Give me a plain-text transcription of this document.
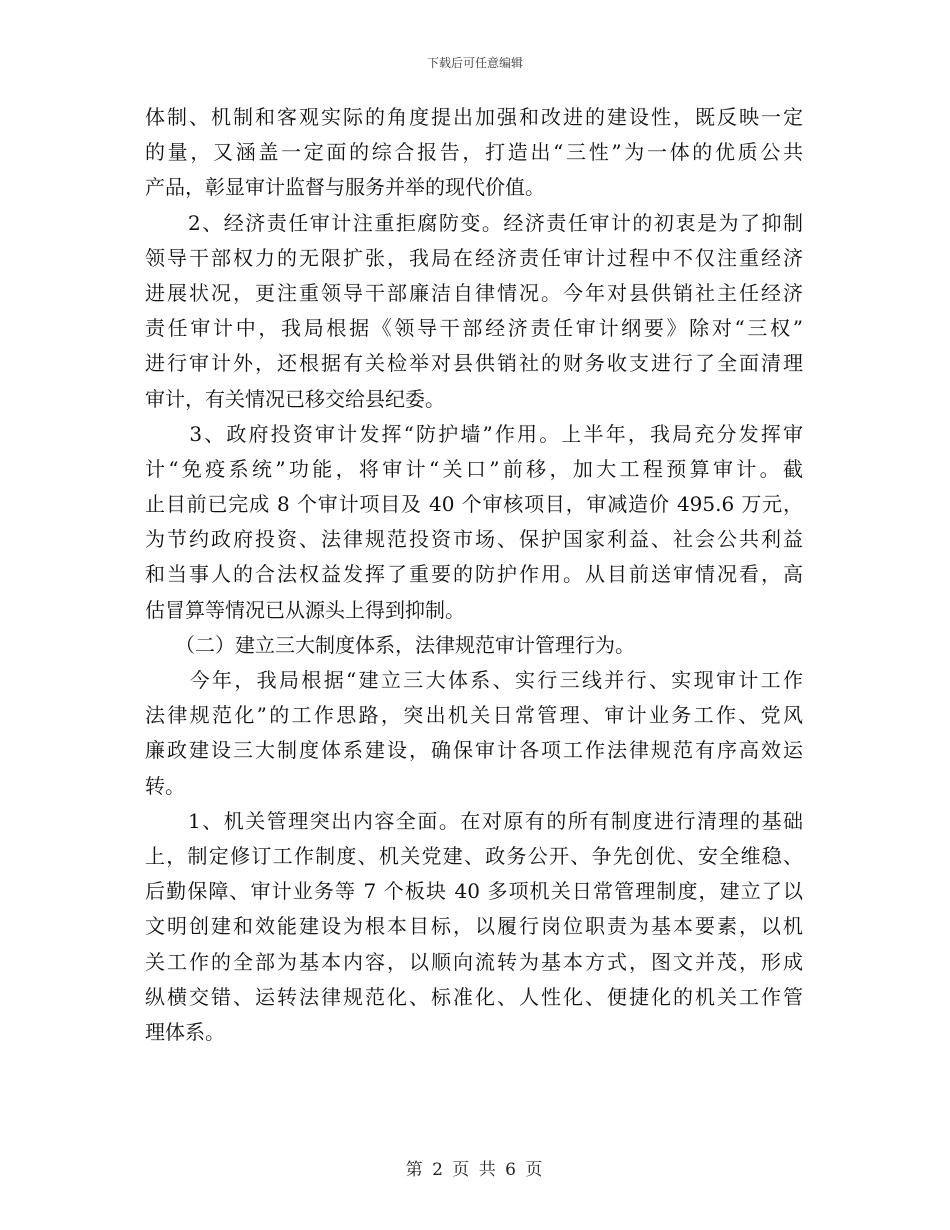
下载后可任意编辑
体制、机制和客观实际的角度提出加强和改进的建设性，既反映一定
的量，又涵盖一定面的综合报告，打造出“三性”为一体的优质公共
产品，彰显审计监督与服务并举的现代价值。
　　2、经济责任审计注重拒腐防变。经济责任审计的初衷是为了抑制
领导干部权力的无限扩张，我局在经济责任审计过程中不仅注重经济
进展状况，更注重领导干部廉洁自律情况。今年对县供销社主任经济
责任审计中，我局根据《领导干部经济责任审计纲要》除对“三权”
进行审计外，还根据有关检举对县供销社的财务收支进行了全面清理
审计，有关情况已移交给县纪委。
　　3、政府投资审计发挥“防护墙”作用。上半年，我局充分发挥审
计“免疫系统”功能，将审计“关口”前移，加大工程预算审计。截
止目前已完成 8 个审计项目及 40 个审核项目，审减造价 495.6 万元，
为节约政府投资、法律规范投资市场、保护国家利益、社会公共利益
和当事人的合法权益发挥了重要的防护作用。从目前送审情况看，高
估冒算等情况已从源头上得到抑制。
　　（二）建立三大制度体系，法律规范审计管理行为。
　　今年，我局根据“建立三大体系、实行三线并行、实现审计工作
法律规范化”的工作思路，突出机关日常管理、审计业务工作、党风
廉政建设三大制度体系建设，确保审计各项工作法律规范有序高效运
转。
　　1、机关管理突出内容全面。在对原有的所有制度进行清理的基础
上，制定修订工作制度、机关党建、政务公开、争先创优、安全维稳、
后勤保障、审计业务等 7 个板块 40 多项机关日常管理制度，建立了以
文明创建和效能建设为根本目标，以履行岗位职责为基本要素，以机
关工作的全部为基本内容，以顺向流转为基本方式，图文并茂，形成
纵横交错、运转法律规范化、标准化、人性化、便捷化的机关工作管
理体系。
第 2 页 共 6 页
